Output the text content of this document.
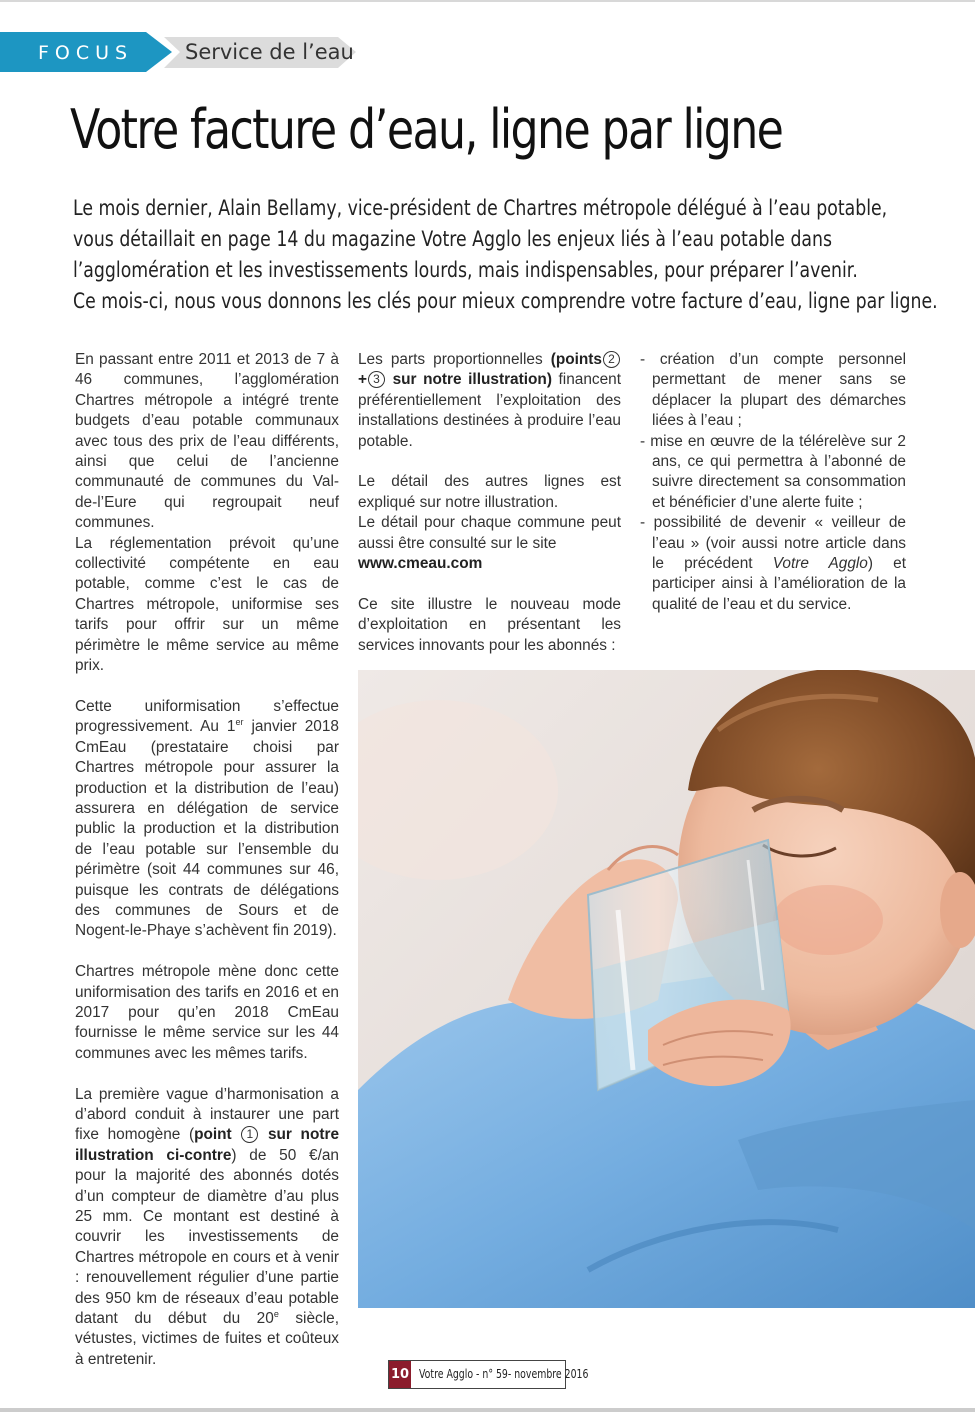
FOCUS Service de l’eau
Votre facture d’eau, ligne par ligne
Le mois dernier, Alain Bellamy, vice-président de Chartres métropole délégué à l’eau potable,
vous détaillait en page 14 du magazine Votre Agglo les enjeux liés à l’eau potable dans
l’agglomération et les investissements lourds, mais indispensables, pour préparer l’avenir.
Ce mois-ci, nous vous donnons les clés pour mieux comprendre votre facture d’eau, ligne par ligne.

En passant entre 2011 et 2013 de 7 à 46 communes, l’agglomération Chartres métropole a intégré trente budgets d’eau potable communaux avec tous des prix de l’eau différents, ainsi que celui de l’ancienne communauté de communes du Val-de-l’Eure qui regroupait neuf communes.

La réglementation prévoit qu’une collectivité compétente en eau potable, comme c’est le cas de Chartres métropole, uniformise ses tarifs pour offrir sur un même périmètre le même service au même prix.

Cette uniformisation s’effectue progressivement. Au 1er janvier 2018 CmEau (prestataire choisi par Chartres métropole pour assurer la production et la distribution de l’eau) assurera en délégation de service public la production et la distribution de l’eau potable sur l’ensemble du périmètre (soit 44 communes sur 46, puisque les contrats de délégations des communes de Sours et de Nogent-le-Phaye s’achèvent fin 2019).

Chartres métropole mène donc cette uniformisation des tarifs en 2016 et en 2017 pour qu’en 2018 CmEau fournisse le même service sur les 44 communes avec les mêmes tarifs.

La première vague d’harmonisation a d’abord conduit à instaurer une part fixe homogène (point 1 sur notre illustration ci-contre) de 50 €/an pour la majorité des abonnés dotés d’un compteur de diamètre d’au plus 25 mm. Ce montant est destiné à couvrir les investissements de Chartres métropole en cours et à venir : renouvellement régulier d’une partie des 950 km de réseaux d’eau potable datant du début du 20e siècle, vétustes, victimes de fuites et coûteux à entretenir.

Les parts proportionnelles (points 2 + 3 sur notre illustration) financent préférentiellement l’exploitation des installations destinées à produire l’eau potable.

Le détail des autres lignes est expliqué sur notre illustration.

Le détail pour chaque commune peut aussi être consulté sur le site

www.cmeau.com

Ce site illustre le nouveau mode d’exploitation en présentant les services innovants pour les abonnés :

- création d’un compte personnel permettant de mener sans se déplacer la plupart des démarches liées à l’eau ;

- mise en œuvre de la télérelève sur 2 ans, ce qui permettra à l’abonné de suivre directement sa consommation et bénéficier d’une alerte fuite ;

- possibilité de devenir « veilleur de l’eau » (voir aussi notre article dans le précédent Votre Agglo) et participer ainsi à l’amélioration de la qualité de l’eau et du service.

10 Votre Agglo - n° 59- novembre 2016
